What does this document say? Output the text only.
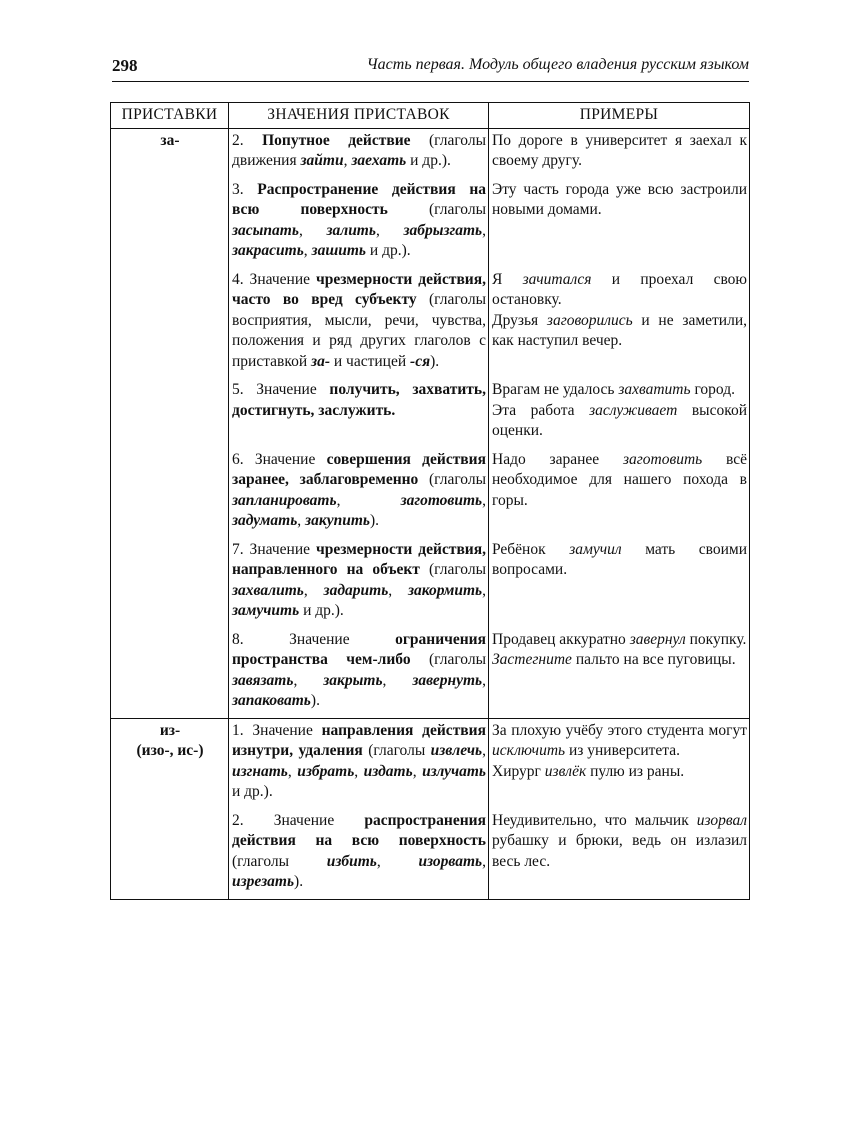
298	Часть первая. Модуль общего владения русским языком
ПРИСТАВКИ	ЗНАЧЕНИЯ ПРИСТАВОК	ПРИМЕРЫ

за-	2. Попутное действие (глаголы движения зайти, заехать и др.).	По дороге в университет я заехал к своему другу.
	3. Распространение действия на всю поверхность (глаголы засыпать, залить, забрызгать, закрасить, зашить и др.).	Эту часть города уже всю застроили новыми домами.
	4. Значение чрезмерности действия, часто во вред субъекту (глаголы восприятия, мысли, речи, чувства, положения и ряд других глаголов с приставкой за- и частицей -ся).	Я зачитался и проехал свою остановку.
Друзья заговорились и не заметили, как наступил вечер.
	5. Значение получить, захватить, достигнуть, заслужить.	Врагам не удалось захватить город.
Эта работа заслуживает высокой оценки.
	6. Значение совершения действия заранее, заблаговременно (глаголы запланировать, заготовить, задумать, закупить).	Надо заранее заготовить всё необходимое для нашего похода в горы.
	7. Значение чрезмерности действия, направленного на объект (глаголы захвалить, задарить, закормить, замучить и др.).	Ребёнок замучил мать своими вопросами.
	8. Значение ограничения пространства чем-либо (глаголы завязать, закрыть, завернуть, запаковать).	Продавец аккуратно завернул покупку.
Застегните пальто на все пуговицы.

из-
(изо-, ис-)	1. Значение направления действия изнутри, удаления (глаголы извлечь, изгнать, избрать, издать, излучать и др.).	За плохую учёбу этого студента могут исключить из университета.
Хирург извлёк пулю из раны.
	2. Значение распространения действия на всю поверхность (глаголы избить, изорвать, изрезать).	Неудивительно, что мальчик изорвал рубашку и брюки, ведь он излазил весь лес.
